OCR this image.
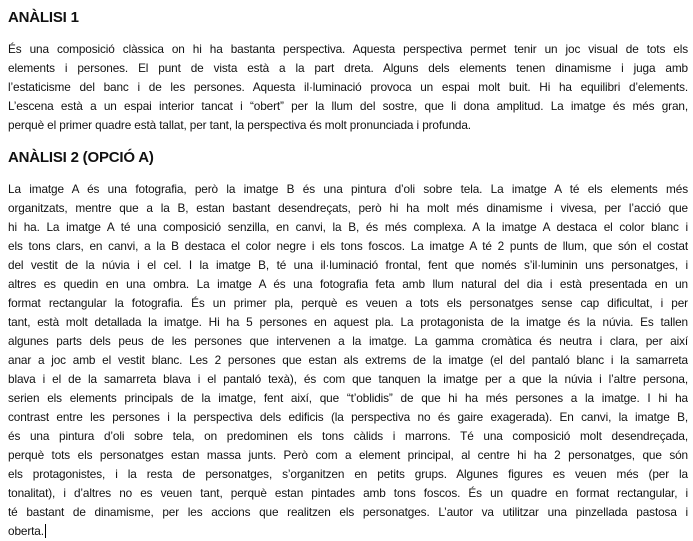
ANÀLISI 1
És una composició clàssica on hi ha bastanta perspectiva. Aquesta perspectiva permet tenir un joc visual de tots els
elements i persones. El punt de vista està a la part dreta. Alguns dels elements tenen dinamisme i juga amb
l’estaticisme del banc i de les persones. Aquesta il·luminació provoca un espai molt buit. Hi ha equilibri d’elements.
L’escena està a un espai interior tancat i “obert” per la llum del sostre, que li dona amplitud. La imatge és més gran,
perquè el primer quadre està tallat, per tant, la perspectiva és molt pronunciada i profunda.
ANÀLISI 2 (OPCIÓ A)
La imatge A és una fotografia, però la imatge B és una pintura d’oli sobre tela. La imatge A té els elements més
organitzats, mentre que a la B, estan bastant desendreçats, però hi ha molt més dinamisme i vivesa, per l’acció que
hi ha. La imatge A té una composició senzilla, en canvi, la B, és més complexa. A la imatge A destaca el color blanc i
els tons clars, en canvi, a la B destaca el color negre i els tons foscos. La imatge A té 2 punts de llum, que són el costat
del vestit de la núvia i el cel. I la imatge B, té una il·luminació frontal, fent que només s’il·luminin uns personatges, i
altres es quedin en una ombra. La imatge A és una fotografia feta amb llum natural del dia i està presentada en un
format rectangular la fotografia. És un primer pla, perquè es veuen a tots els personatges sense cap dificultat, i per
tant, està molt detallada la imatge. Hi ha 5 persones en aquest pla. La protagonista de la imatge és la núvia. Es tallen
algunes parts dels peus de les persones que intervenen a la imatge. La gamma cromàtica és neutra i clara, per així
anar a joc amb el vestit blanc. Les 2 persones que estan als extrems de la imatge (el del pantaló blanc i la samarreta
blava i el de la samarreta blava i el pantaló texà), és com que tanquen la imatge per a que la núvia i l’altre persona,
serien els elements principals de la imatge, fent així, que “t’oblidis” de que hi ha més persones a la imatge. I hi ha
contrast entre les persones i la perspectiva dels edificis (la perspectiva no és gaire exagerada). En canvi, la imatge B,
és una pintura d’oli sobre tela, on predominen els tons càlids i marrons. Té una composició molt desendreçada,
perquè tots els personatges estan massa junts. Però com a element principal, al centre hi ha 2 personatges, que són
els protagonistes, i la resta de personatges, s’organitzen en petits grups. Algunes figures es veuen més (per la
tonalitat), i d’altres no es veuen tant, perquè estan pintades amb tons foscos. És un quadre en format rectangular, i
té bastant de dinamisme, per les accions que realitzen els personatges. L’autor va utilitzar una pinzellada pastosa i
oberta.
